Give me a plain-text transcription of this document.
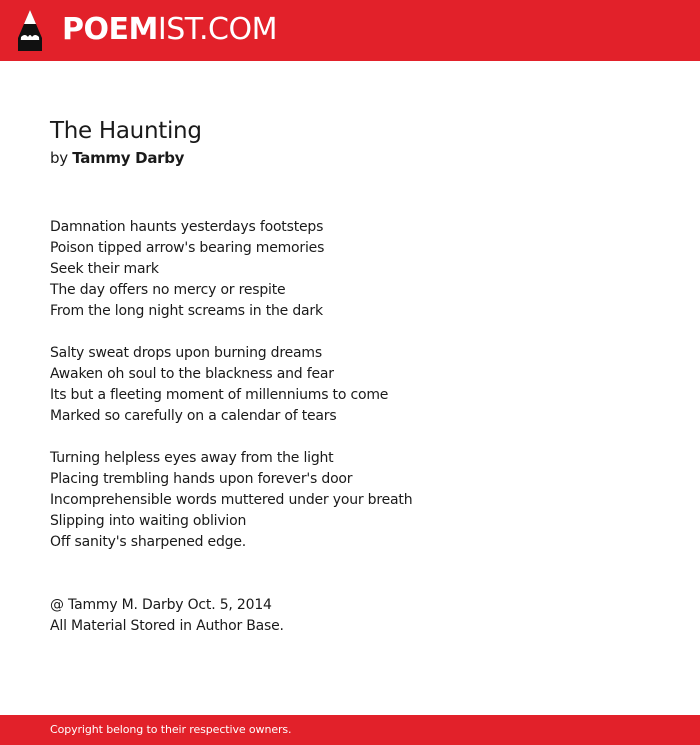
POEMIST.COM
The Haunting
by Tammy Darby
Damnation haunts yesterdays footsteps
Poison tipped arrow's bearing memories
Seek their mark
The day offers no mercy or respite
From the long night screams in the dark
Salty sweat drops upon burning dreams
Awaken oh soul to the blackness and fear
Its but a fleeting moment of millenniums to come
Marked so carefully on a calendar of tears
Turning helpless eyes away from the light
Placing trembling hands upon forever's door
Incomprehensible words muttered under your breath
Slipping into waiting oblivion
Off sanity's sharpened edge.
@ Tammy M. Darby Oct. 5, 2014
All Material Stored in Author Base.
Copyright belong to their respective owners.
